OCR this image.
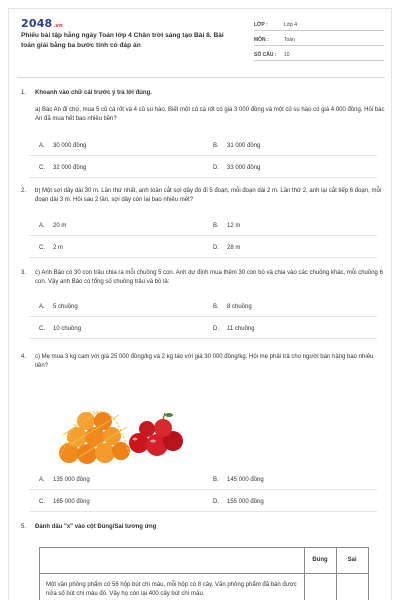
2048.vn
Phiếu bài tập hằng ngày Toán lớp 4 Chân trời sáng tạo Bài 8. Bài toán giải bằng ba bước tính có đáp án
LỚP :	Lớp 4
MÔN :	Toán
SỐ CÂU : 10
1.	Khoanh vào chữ cái trước ý trả lời đúng.
a) Bác An đi chợ, mua 5 củ cà rốt và 4 củ su hào. Biết một củ cà rốt có giá 3 000 đồng và một củ su hào có giá 4 000 đồng. Hỏi bác An đã mua hết bao nhiêu tiền?
A. 30 000 đồng	B. 31 000 đồng
C. 32 000 đồng	D. 33 000 đồng
2.	b) Một sợi dây dài 30 m. Lần thứ nhất, anh toàn cắt sợi dây đó đi 5 đoạn, mỗi đoạn dài 2 m. Lần thứ 2, anh lại cắt tiếp 6 đoạn, mỗi đoạn dài 3 m. Hỏi sau 2 lần, sợi dây còn lại bao nhiêu mét?
A. 20 m	B. 12 m
C. 2 m	D. 28 m
3.	c) Anh Bảo có 30 con trâu chia ra mỗi chuồng 5 con. Anh dự định mua thêm 30 con bò và chia vào các chuồng khác, mỗi chuồng 6 con. Vậy anh Bảo có tổng số chuồng trâu và bò là:
A. 5 chuồng	B. 8 chuồng
C. 10 chuồng	D. 11 chuồng
4.	c) Mẹ mua 3 kg cam với giá 25 000 đồng/kg và 2 kg táo với giá 30 000 đồng/kg. Hỏi mẹ phải trả cho người bán hàng bao nhiêu tiền?
A. 135 000 đồng	B. 145 000 đồng
C. 165 000 đồng	D. 155 000 đồng
5.	Đánh dấu "x" vào cột Đúng/Sai tương ứng
Đúng	Sai
Một văn phòng phẩm có 56 hộp bút chì màu, mỗi hộp có 8 cây. Văn phòng phẩm đã bán được nửa số bút chì màu đó. Vậy họ còn lại 400 cây bút chì màu.
